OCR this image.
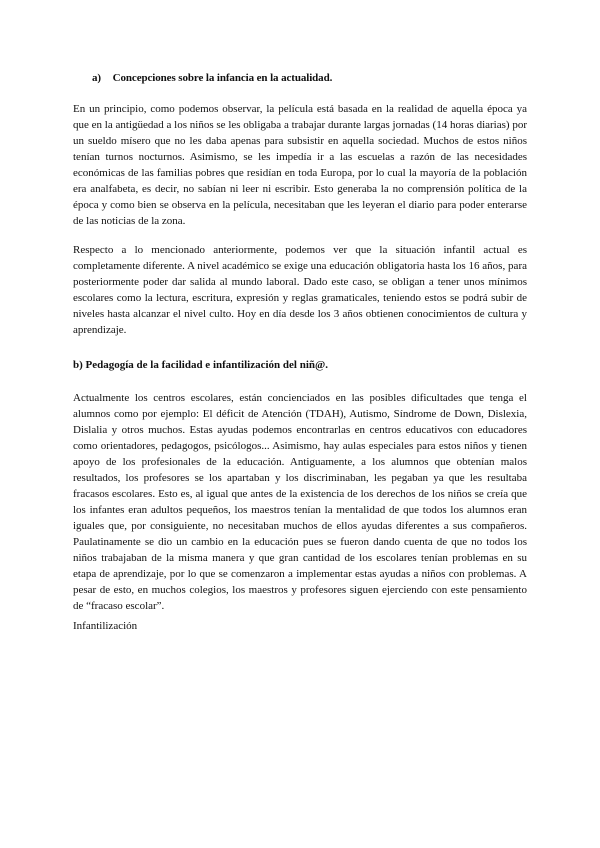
a) Concepciones sobre la infancia en la actualidad.

En un principio, como podemos observar, la película está basada en la realidad de aquella época ya que en la antigüedad a los niños se les obligaba a trabajar durante largas jornadas (14 horas diarias) por un sueldo mísero que no les daba apenas para subsistir en aquella sociedad. Muchos de estos niños tenían turnos nocturnos. Asimismo, se les impedía ir a las escuelas a razón de las necesidades económicas de las familias pobres que residían en toda Europa, por lo cual la mayoría de la población era analfabeta, es decir, no sabían ni leer ni escribir. Esto generaba la no comprensión política de la época y como bien se observa en la película, necesitaban que les leyeran el diario para poder enterarse de las noticias de la zona.

Respecto a lo mencionado anteriormente, podemos ver que la situación infantil actual es completamente diferente. A nivel académico se exige una educación obligatoria hasta los 16 años, para posteriormente poder dar salida al mundo laboral. Dado este caso, se obligan a tener unos mínimos escolares como la lectura, escritura, expresión y reglas gramaticales, teniendo estos se podrá subir de niveles hasta alcanzar el nivel culto. Hoy en día desde los 3 años obtienen conocimientos de cultura y aprendizaje.

b) Pedagogía de la facilidad e infantilización del niñ@.

Actualmente los centros escolares, están concienciados en las posibles dificultades que tenga el alumnos como por ejemplo: El déficit de Atención (TDAH), Autismo, Síndrome de Down, Dislexia, Dislalia y otros muchos. Estas ayudas podemos encontrarlas en centros educativos con educadores como orientadores, pedagogos, psicólogos... Asimismo, hay aulas especiales para estos niños y tienen apoyo de los profesionales de la educación. Antiguamente, a los alumnos que obtenían malos resultados, los profesores se los apartaban y los discriminaban, les pegaban ya que les resultaba fracasos escolares. Esto es, al igual que antes de la existencia de los derechos de los niños se creía que los infantes eran adultos pequeños, los maestros tenían la mentalidad de que todos los alumnos eran iguales que, por consiguiente, no necesitaban muchos de ellos ayudas diferentes a sus compañeros. Paulatinamente se dio un cambio en la educación pues se fueron dando cuenta de que no todos los niños trabajaban de la misma manera y que gran cantidad de los escolares tenían problemas en su etapa de aprendizaje, por lo que se comenzaron a implementar estas ayudas a niños con problemas. A pesar de esto, en muchos colegios, los maestros y profesores siguen ejerciendo con este pensamiento de “fracaso escolar”.

Infantilización
